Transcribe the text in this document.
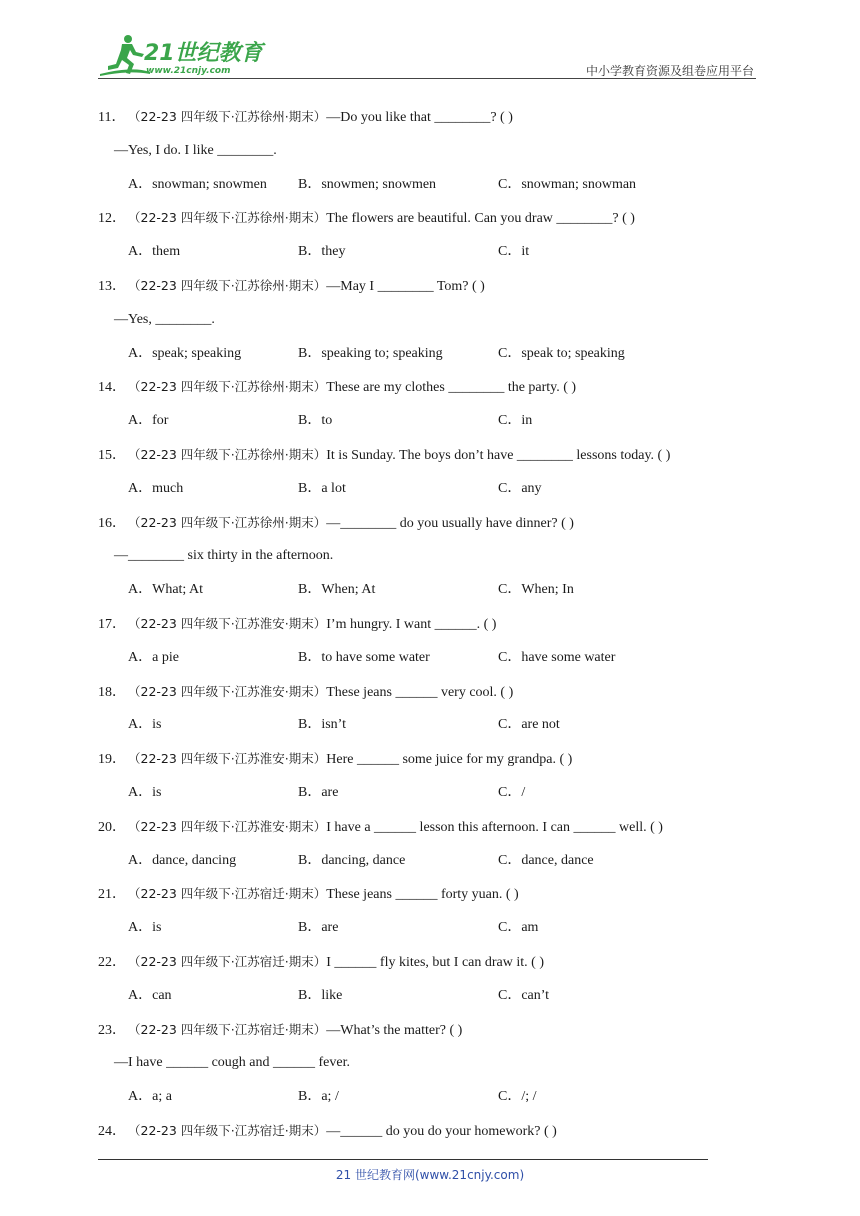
21世纪教育
www.21cnjy.com	中小学教育资源及组卷应用平台
11． （22-23 四年级下·江苏徐州·期末）—Do you like that ________? ( )
—Yes, I do. I like ________.
A．snowman; snowmen B．snowmen; snowmen	C．snowman; snowman
12． （22-23 四年级下·江苏徐州·期末）The flowers are beautiful. Can you draw ________? ( )
A．them	B．they	C．it
13． （22-23 四年级下·江苏徐州·期末）—May I ________ Tom? ( )
—Yes, ________.
A．speak; speaking	B．speaking to; speaking	C．speak to; speaking
14． （22-23 四年级下·江苏徐州·期末）These are my clothes ________ the party. ( )
A．for	B．to	C．in
15． （22-23 四年级下·江苏徐州·期末）It is Sunday. The boys don’t have ________ lessons today. ( )
A．much	B．a lot	C．any
16． （22-23 四年级下·江苏徐州·期末）—________ do you usually have dinner? ( )
—________ six thirty in the afternoon.
A．What; At	B．When; At	C．When; In
17． （22-23 四年级下·江苏淮安·期末）I’m hungry. I want ______. ( )
A．a pie	B．to have some water	C．have some water
18． （22-23 四年级下·江苏淮安·期末）These jeans ______ very cool. ( )
A．is	B．isn’t	C．are not
19． （22-23 四年级下·江苏淮安·期末）Here ______ some juice for my grandpa. ( )
A．is	B．are	C．/
20． （22-23 四年级下·江苏淮安·期末）I have a ______ lesson this afternoon. I can ______ well. ( )
A．dance, dancing	B．dancing, dance	C．dance, dance
21． （22-23 四年级下·江苏宿迁·期末）These jeans ______ forty yuan. ( )
A．is	B．are	C．am
22． （22-23 四年级下·江苏宿迁·期末）I ______ fly kites, but I can draw it. ( )
A．can	B．like	C．can’t
23． （22-23 四年级下·江苏宿迁·期末）—What’s the matter? ( )
—I have ______ cough and ______ fever.
A．a; a	B．a; /	C．/; /
24． （22-23 四年级下·江苏宿迁·期末）—______ do you do your homework? ( )
21 世纪教育网(www.21cnjy.com)
